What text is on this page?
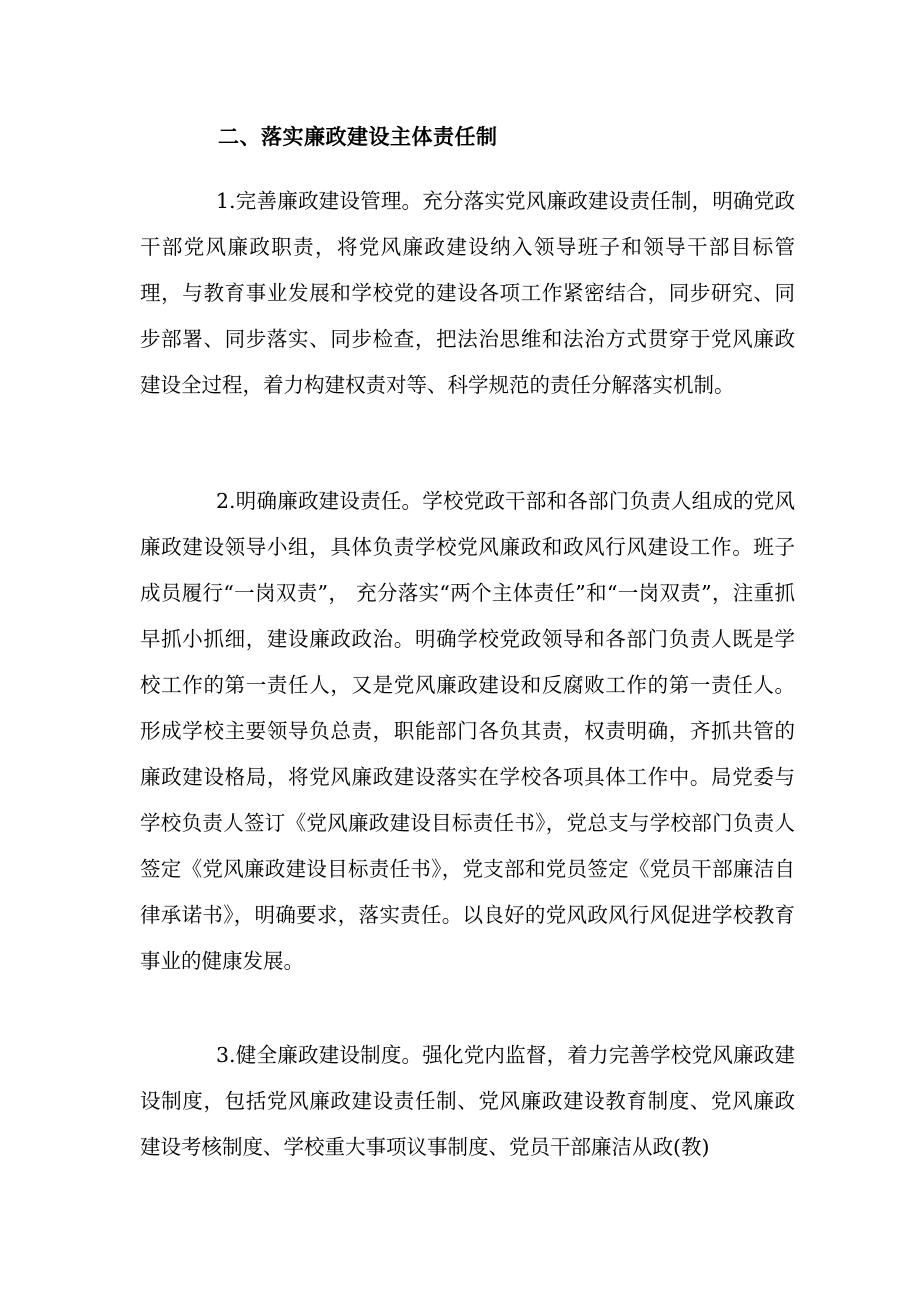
二、落实廉政建设主体责任制

1.完善廉政建设管理。充分落实党风廉政建设责任制，明确党政干部党风廉政职责，将党风廉政建设纳入领导班子和领导干部目标管理，与教育事业发展和学校党的建设各项工作紧密结合，同步研究、同步部署、同步落实、同步检查，把法治思维和法治方式贯穿于党风廉政建设全过程，着力构建权责对等、科学规范的责任分解落实机制。

2.明确廉政建设责任。学校党政干部和各部门负责人组成的党风廉政建设领导小组，具体负责学校党风廉政和政风行风建设工作。班子成员履行“一岗双责”， 充分落实“两个主体责任”和“一岗双责”，注重抓早抓小抓细，建设廉政政治。明确学校党政领导和各部门负责人既是学校工作的第一责任人，又是党风廉政建设和反腐败工作的第一责任人。形成学校主要领导负总责，职能部门各负其责，权责明确，齐抓共管的廉政建设格局，将党风廉政建设落实在学校各项具体工作中。局党委与学校负责人签订《党风廉政建设目标责任书》，党总支与学校部门负责人签定《党风廉政建设目标责任书》，党支部和党员签定《党员干部廉洁自律承诺书》，明确要求，落实责任。以良好的党风政风行风促进学校教育事业的健康发展。

3.健全廉政建设制度。强化党内监督，着力完善学校党风廉政建设制度，包括党风廉政建设责任制、党风廉政建设教育制度、党风廉政建设考核制度、学校重大事项议事制度、党员干部廉洁从政(教)
